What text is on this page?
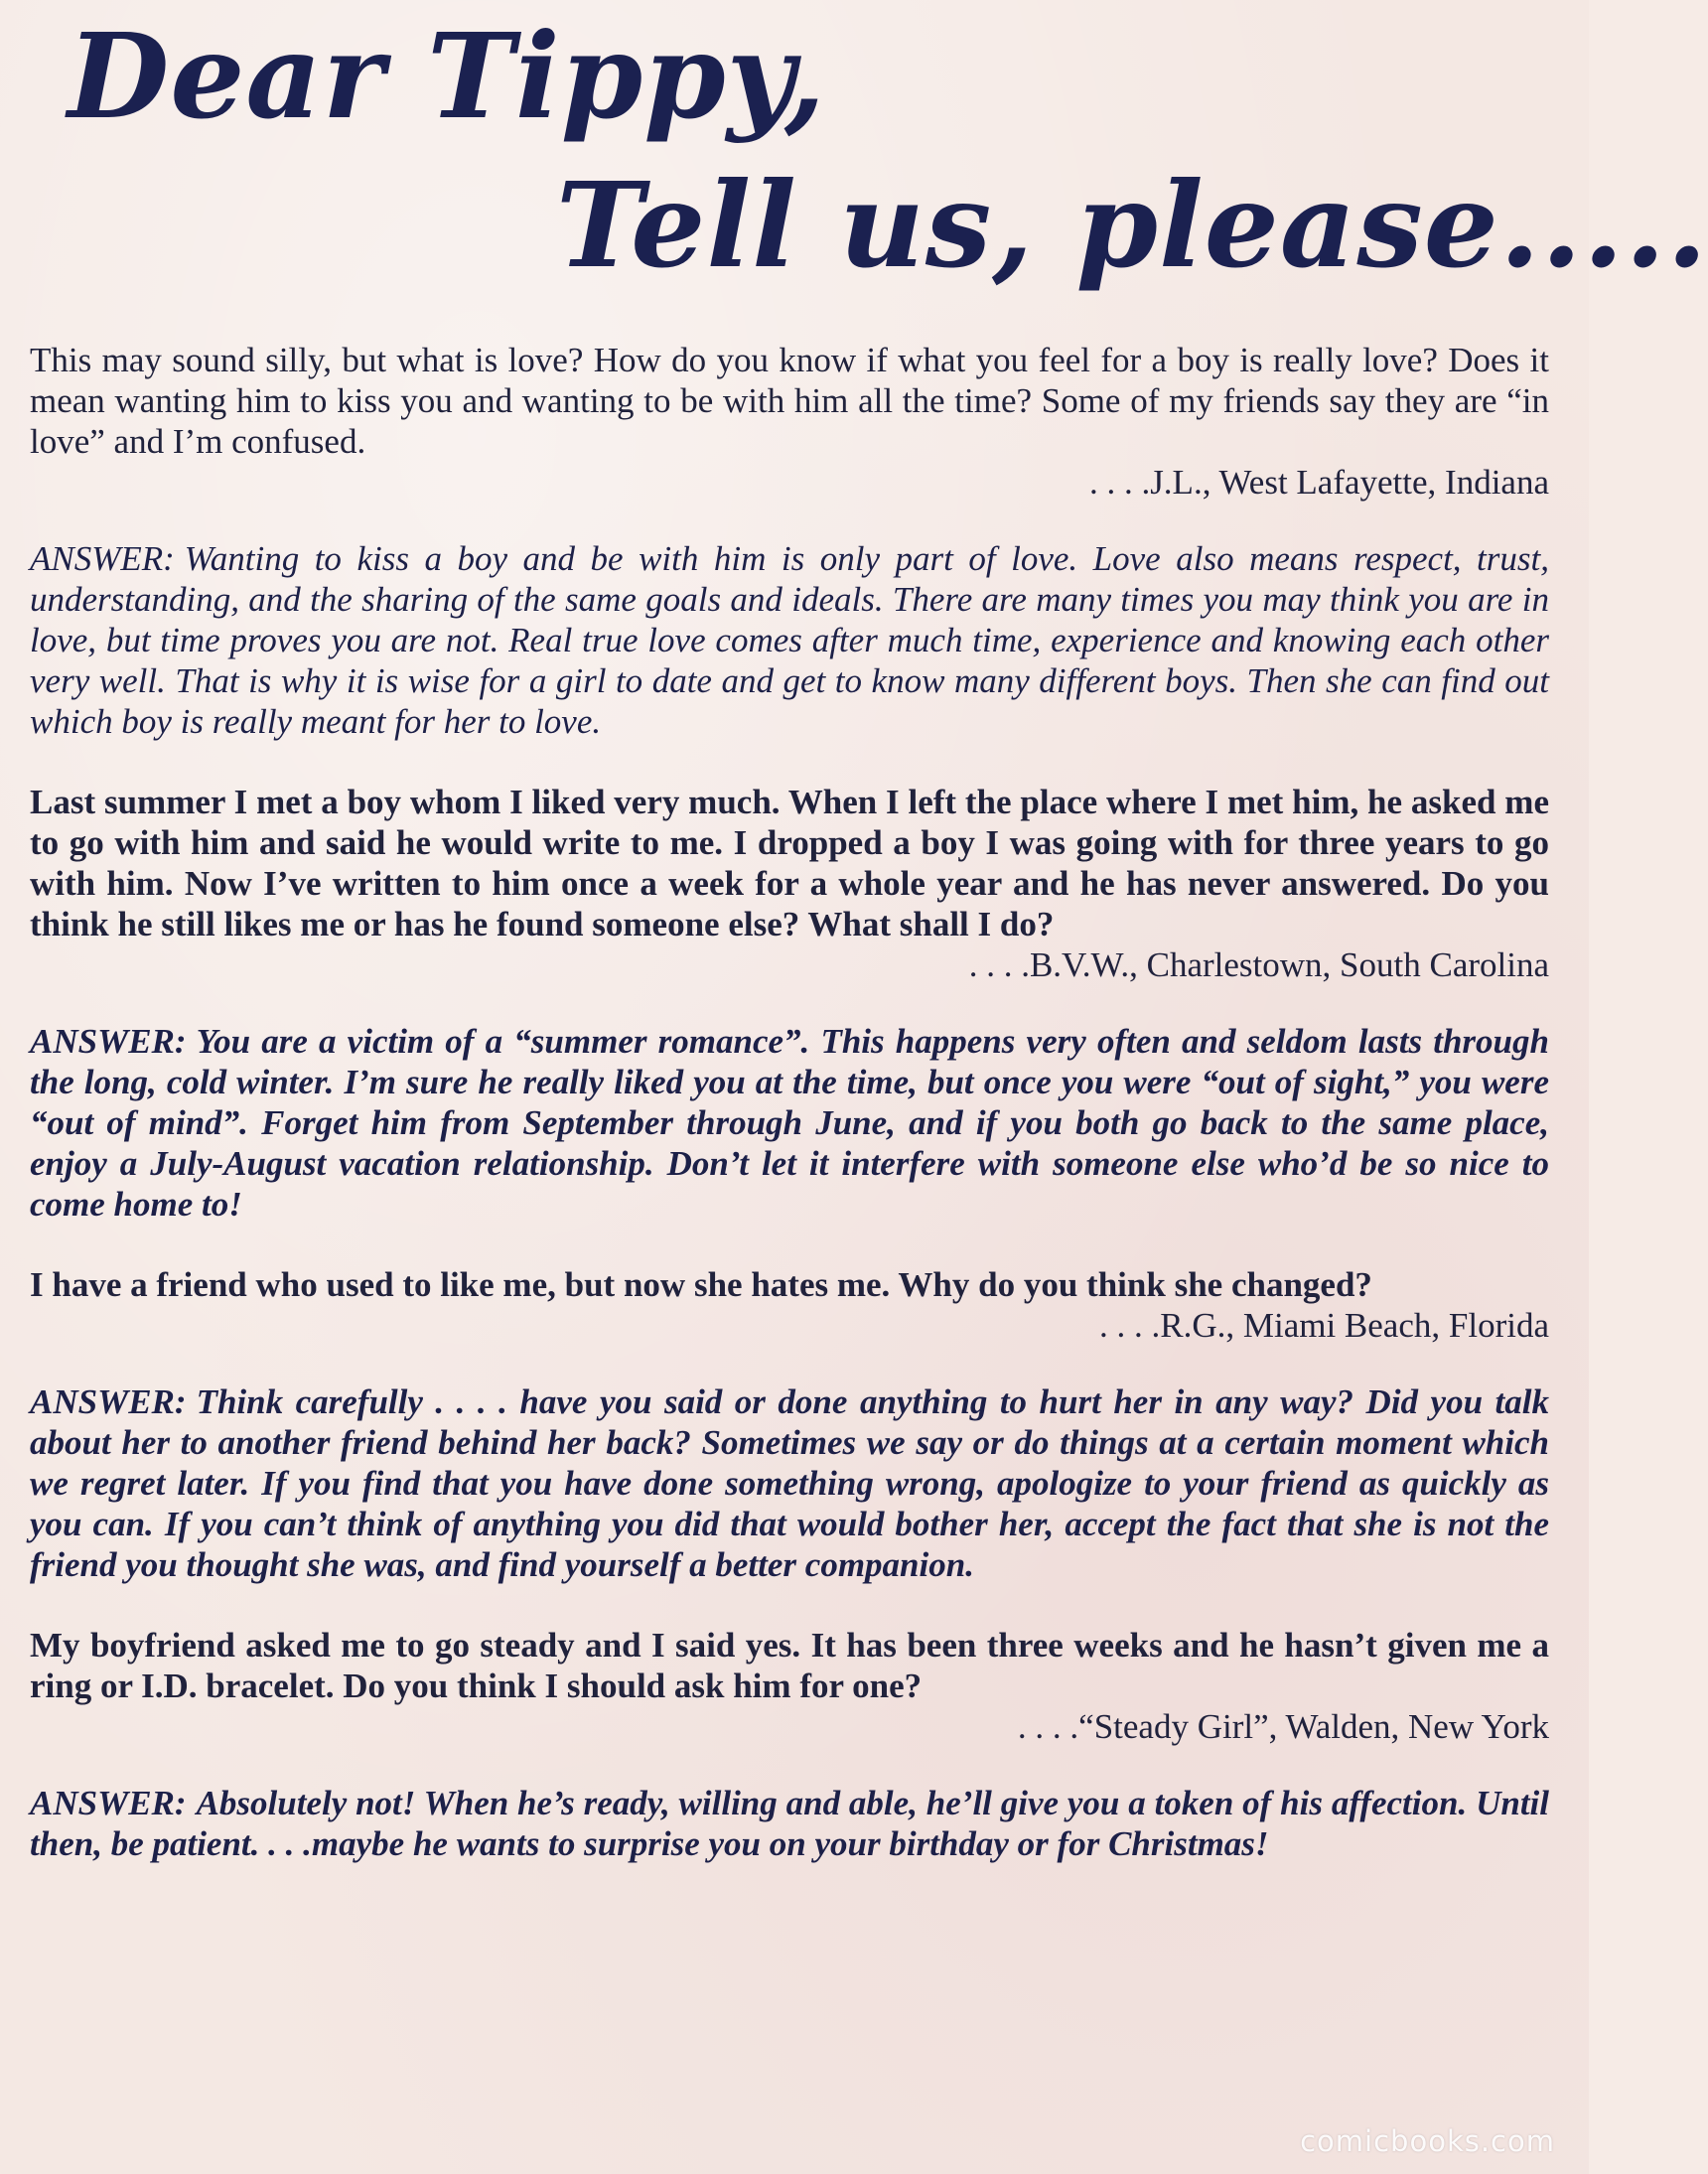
Dear Tippy,
Tell us, please.....

This may sound silly, but what is love? How do you know if what you feel for a boy is really love? Does it mean wanting him to kiss you and wanting to be with him all the time? Some of my friends say they are “in love” and I’m confused.

. . . .J.L., West Lafayette, Indiana

ANSWER: Wanting to kiss a boy and be with him is only part of love. Love also means respect, trust, understanding, and the sharing of the same goals and ideals. There are many times you may think you are in love, but time proves you are not. Real true love comes after much time, experience and knowing each other very well. That is why it is wise for a girl to date and get to know many different boys. Then she can find out which boy is really meant for her to love.

Last summer I met a boy whom I liked very much. When I left the place where I met him, he asked me to go with him and said he would write to me. I dropped a boy I was going with for three years to go with him. Now I’ve written to him once a week for a whole year and he has never answered. Do you think he still likes me or has he found someone else? What shall I do?

. . . .B.V.W., Charlestown, South Carolina

ANSWER: You are a victim of a “summer romance”. This happens very often and seldom lasts through the long, cold winter. I’m sure he really liked you at the time, but once you were “out of sight,” you were “out of mind”. Forget him from September through June, and if you both go back to the same place, enjoy a July-August vacation relationship. Don’t let it interfere with someone else who’d be so nice to come home to!

I have a friend who used to like me, but now she hates me. Why do you think she changed?

. . . .R.G., Miami Beach, Florida

ANSWER: Think carefully . . . . have you said or done anything to hurt her in any way? Did you talk about her to another friend behind her back? Sometimes we say or do things at a certain moment which we regret later. If you find that you have done something wrong, apologize to your friend as quickly as you can. If you can’t think of anything you did that would bother her, accept the fact that she is not the friend you thought she was, and find yourself a better companion.

My boyfriend asked me to go steady and I said yes. It has been three weeks and he hasn’t given me a ring or I.D. bracelet. Do you think I should ask him for one?

. . . .“Steady Girl”, Walden, New York

ANSWER: Absolutely not! When he’s ready, willing and able, he’ll give you a token of his affection. Until then, be patient. . . .maybe he wants to surprise you on your birthday or for Christmas!

comicbooks.com
